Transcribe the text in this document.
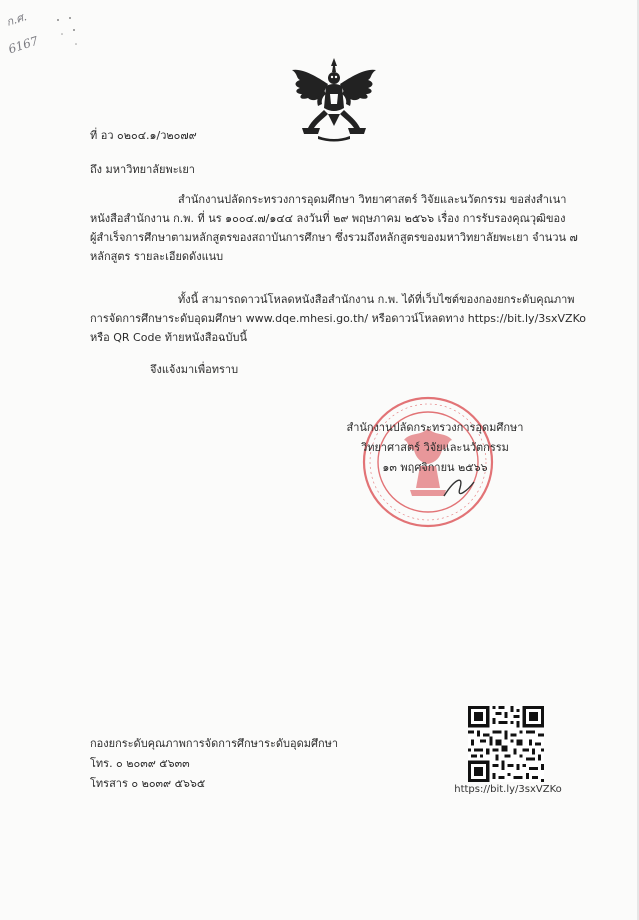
ก.ศ.
6167
ที่ อว ๐๒๐๔.๑/ว๒๐๗๙
ถึง มหาวิทยาลัยพะเยา
สำนักงานปลัดกระทรวงการอุดมศึกษา วิทยาศาสตร์ วิจัยและนวัตกรรม ขอส่งสำเนา
หนังสือสำนักงาน ก.พ. ที่ นร ๑๐๐๔.๗/๑๔๔ ลงวันที่ ๒๙ พฤษภาคม ๒๕๖๖ เรื่อง การรับรองคุณวุฒิของ
ผู้สำเร็จการศึกษาตามหลักสูตรของสถาบันการศึกษา ซึ่งรวมถึงหลักสูตรของมหาวิทยาลัยพะเยา จำนวน ๗
หลักสูตร รายละเอียดดังแนบ
ทั้งนี้ สามารถดาวน์โหลดหนังสือสำนักงาน ก.พ. ได้ที่เว็บไซต์ของกองยกระดับคุณภาพ
การจัดการศึกษาระดับอุดมศึกษา www.dqe.mhesi.go.th/ หรือดาวน์โหลดทาง https://bit.ly/3sxVZKo
หรือ QR Code ท้ายหนังสือฉบับนี้
จึงแจ้งมาเพื่อทราบ
สำนักงานปลัดกระทรวงการอุดมศึกษา
วิทยาศาสตร์ วิจัยและนวัตกรรม
๑๓ พฤศจิกายน ๒๕๖๖
กองยกระดับคุณภาพการจัดการศึกษาระดับอุดมศึกษา
โทร. ๐ ๒๐๓๙ ๕๖๓๓
โทรสาร ๐ ๒๐๓๙ ๕๖๖๕	https://bit.ly/3sxVZKo
